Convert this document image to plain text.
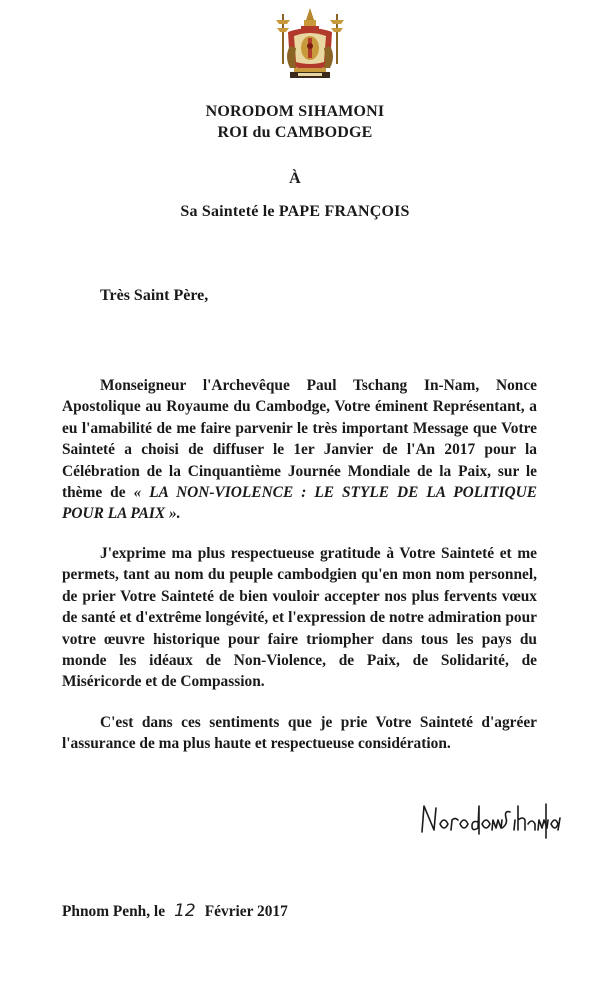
NORODOM SIHAMONI
ROI du CAMBODGE
À
Sa Sainteté le PAPE FRANÇOIS
Très Saint Père,

Monseigneur l'Archevêque Paul Tschang In-Nam, Nonce Apostolique au Royaume du Cambodge, Votre éminent Représentant, a eu l'amabilité de me faire parvenir le très important Message que Votre Sainteté a choisi de diffuser le 1er Janvier de l'An 2017 pour la Célébration de la Cinquantième Journée Mondiale de la Paix, sur le thème de « LA NON-VIOLENCE : LE STYLE DE LA POLITIQUE POUR LA PAIX ».

J'exprime ma plus respectueuse gratitude à Votre Sainteté et me permets, tant au nom du peuple cambodgien qu'en mon nom personnel, de prier Votre Sainteté de bien vouloir accepter nos plus fervents vœux de santé et d'extrême longévité, et l'expression de notre admiration pour votre œuvre historique pour faire triompher dans tous les pays du monde les idéaux de Non-Violence, de Paix, de Solidarité, de Miséricorde et de Compassion.

C'est dans ces sentiments que je prie Votre Sainteté d'agréer l'assurance de ma plus haute et respectueuse considération.

Phnom Penh, le 12 Février 2017
